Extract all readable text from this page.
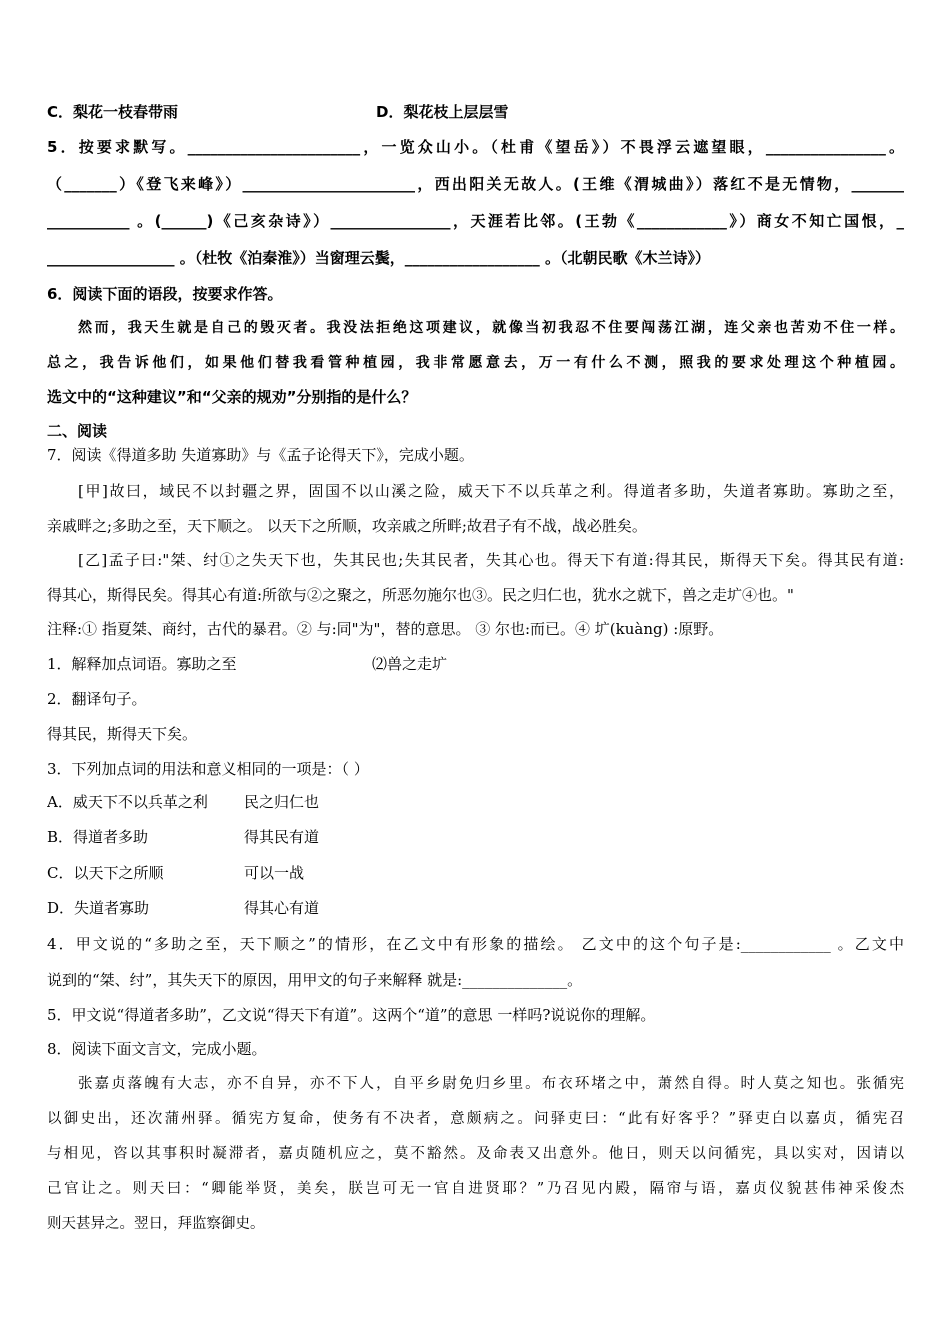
C．梨花一枝春带雨	D．梨花枝上层层雪
5．按要求默写。_______________________，一览众山小。（杜甫《望岳》）不畏浮云遮望眼，________________。
（_______）《登飞来峰》）_______________________，西出阳关无故人。(王维《渭城曲》）落红不是无情物，_______
___________ 。(______)《己亥杂诗》）________________，天涯若比邻。(王勃《____________》）商女不知亡国恨，_
_________________ 。（杜牧《泊秦淮》）当窗理云鬓，__________________ 。（北朝民歌《木兰诗》）
6．阅读下面的语段，按要求作答。
然而，我天生就是自己的毁灭者。我没法拒绝这项建议，就像当初我忍不住要闯荡江湖，连父亲也苦劝不住一样。
总之，我告诉他们，如果他们替我看管种植园，我非常愿意去，万一有什么不测，照我的要求处理这个种植园。
选文中的“这种建议”和“父亲的规劝”分别指的是什么？
二、阅读
7．阅读《得道多助 失道寡助》与《孟子论得天下》，完成小题。
[甲]故曰，域民不以封疆之界，固国不以山溪之险，威天下不以兵革之利。得道者多助，失道者寡助。寡助之至，
亲戚畔之;多助之至，天下顺之。 以天下之所顺，攻亲戚之所畔;故君子有不战，战必胜矣。
[乙]孟子曰:"桀、纣①之失天下也，失其民也;失其民者，失其心也。得天下有道:得其民，斯得天下矣。得其民有道:
得其心，斯得民矣。得其心有道:所欲与②之聚之，所恶勿施尔也③。民之归仁也，犹水之就下，兽之走圹④也。"
注释:① 指夏桀、商纣，古代的暴君。② 与:同"为"，替的意思。 ③ 尔也:而已。④ 圹(kuàng) :原野。
1．解释加点词语。寡助之至	⑵兽之走圹
2．翻译句子。
得其民，斯得天下矣。
3．下列加点词的用法和意义相同的一项是：（ ）
A．威天下不以兵革之利	民之归仁也
B．得道者多助	得其民有道
C．以天下之所顺	可以一战
D．失道者寡助	得其心有道
4．甲文说的“多助之至，天下顺之”的情形，在乙文中有形象的描绘。 乙文中的这个句子是:____________ 。乙文中
说到的“桀、纣”，其失天下的原因，用甲文的句子来解释 就是:______________。
5．甲文说“得道者多助”，乙文说“得天下有道”。这两个“道”的意思 一样吗?说说你的理解。
8．阅读下面文言文，完成小题。
张嘉贞落魄有大志，亦不自异，亦不下人，自平乡尉免归乡里。布衣环堵之中，萧然自得。时人莫之知也。张循宪
以御史出，还次蒲州驿。循宪方复命，使务有不决者，意颇病之。问驿吏曰：“此有好客乎？”驿吏白以嘉贞，循宪召
与相见，咨以其事积时凝滞者，嘉贞随机应之，莫不豁然。及命表又出意外。他日，则天以问循宪，具以实对，因请以
己官让之。则天曰：“卿能举贤，美矣，朕岂可无一官自进贤耶？”乃召见内殿，隔帘与语，嘉贞仪貌甚伟神采俊杰
则天甚异之。翌日，拜监察御史。
